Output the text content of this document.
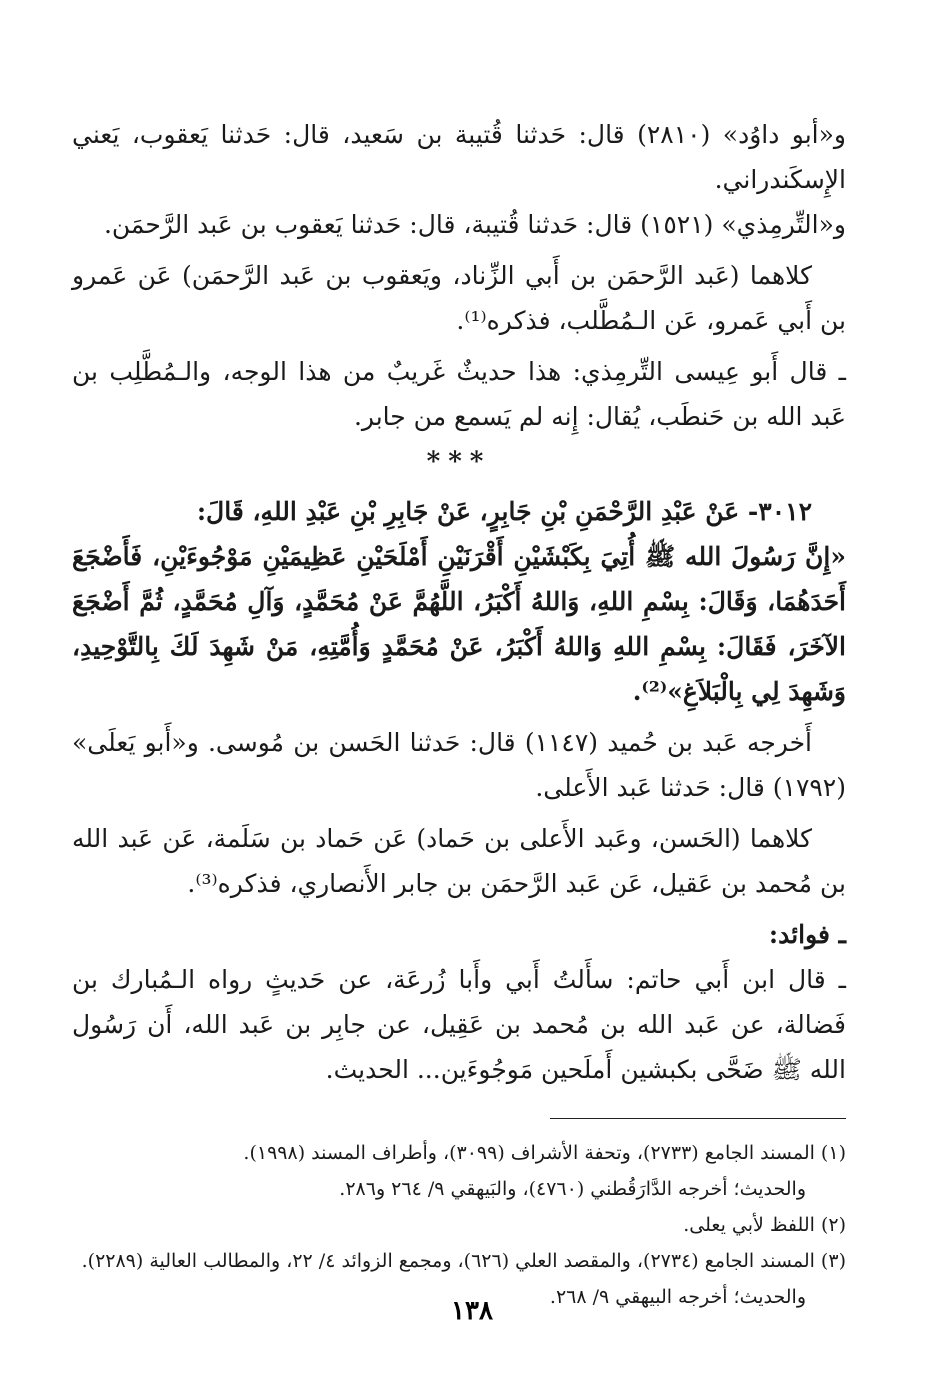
و«أبو داوُد» (٢٨١٠) قال: حَدثنا قُتيبة بن سَعيد، قال: حَدثنا يَعقوب، يَعني الإِسكَندراني.

و«التِّرمِذي» (١٥٢١) قال: حَدثنا قُتيبة، قال: حَدثنا يَعقوب بن عَبد الرَّحمَن.

كلاهما (عَبد الرَّحمَن بن أَبي الزِّناد، ويَعقوب بن عَبد الرَّحمَن) عَن عَمرو بن أَبي عَمرو، عَن الـمُطَّلب، فذكره⁽¹⁾.

ـ قال أَبو عِيسى التِّرمِذي: هذا حديثٌ غَريبٌ من هذا الوجه، والـمُطَّلِب بن عَبد الله بن حَنطَب، يُقال: إِنه لم يَسمع من جابر.

***

٣٠١٢- عَنْ عَبْدِ الرَّحْمَنِ بْنِ جَابِرٍ، عَنْ جَابِرِ بْنِ عَبْدِ اللهِ، قَالَ:

«إِنَّ رَسُولَ الله ﷺ أُتِيَ بِكَبْشَيْنِ أَقْرَنَيْنِ أَمْلَحَيْنِ عَظِيمَيْنِ مَوْجُوءَيْنِ، فَأَضْجَعَ أَحَدَهُمَا، وَقَالَ: بِسْمِ اللهِ، وَاللهُ أَكْبَرُ، اللَّهُمَّ عَنْ مُحَمَّدٍ، وَآلِ مُحَمَّدٍ، ثُمَّ أَضْجَعَ الآخَرَ، فَقَالَ: بِسْمِ اللهِ وَاللهُ أَكْبَرُ، عَنْ مُحَمَّدٍ وَأُمَّتِهِ، مَنْ شَهِدَ لَكَ بِالتَّوْحِيدِ، وَشَهِدَ لِي بِالْبَلاَغِ»⁽²⁾.

أَخرجه عَبد بن حُميد (١١٤٧) قال: حَدثنا الحَسن بن مُوسى. و«أَبو يَعلَى» (١٧٩٢) قال: حَدثنا عَبد الأَعلى.

كلاهما (الحَسن، وعَبد الأَعلى بن حَماد) عَن حَماد بن سَلَمة، عَن عَبد الله بن مُحمد بن عَقيل، عَن عَبد الرَّحمَن بن جابر الأَنصاري، فذكره⁽³⁾.

ـ فوائد:

ـ قال ابن أَبي حاتم: سأَلتُ أَبي وأَبا زُرعَة، عن حَديثٍ رواه الـمُبارك بن فَضالة، عن عَبد الله بن مُحمد بن عَقِيل، عن جابِر بن عَبد الله، أَن رَسُول الله ﷺ ضَحَّى بكبشين أَملَحين مَوجُوءَين... الحديث.

(١) المسند الجامع (٢٧٣٣)، وتحفة الأشراف (٣٠٩٩)، وأطراف المسند (١٩٩٨).

والحديث؛ أخرجه الدَّارَقُطني (٤٧٦٠)، والبَيهقي ٩/ ٢٦٤ و٢٨٦.

(٢) اللفظ لأبي يعلى.

(٣) المسند الجامع (٢٧٣٤)، والمقصد العلي (٦٢٦)، ومجمع الزوائد ٤/ ٢٢، والمطالب العالية (٢٢٨٩).

والحديث؛ أخرجه البيهقي ٩/ ٢٦٨.

١٣٨
